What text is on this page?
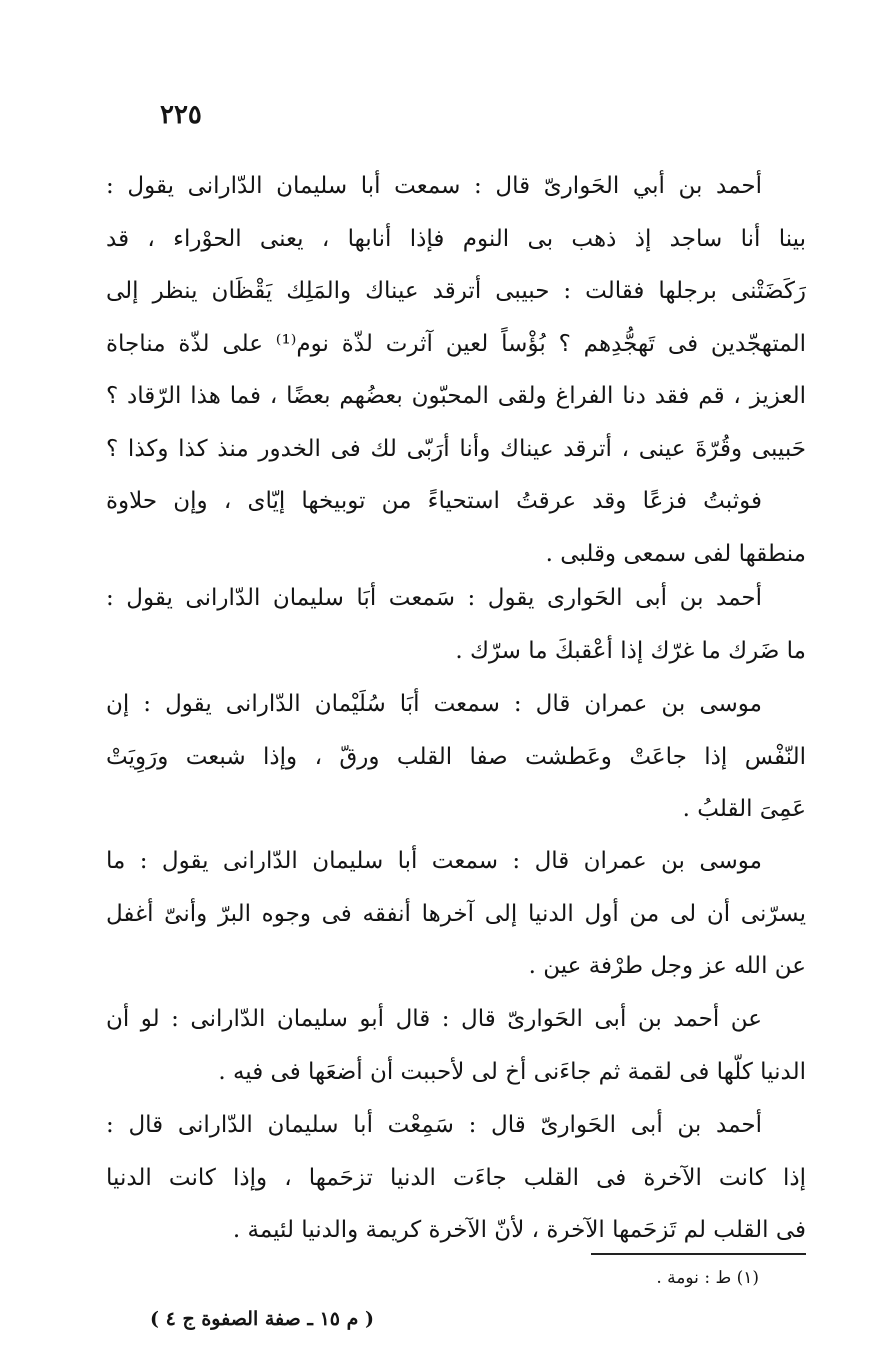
٢٢٥
أحمد بن أبي الحَوارىّ قال : سمعت أبا سليمان الدّارانى يقول :
بينا أنا ساجد إذ ذهب بى النوم فإذا أنابها ، يعنى الحوْراء ، قد
رَكَضَتْنى برجلها فقالت : حبيبى أترقد عيناك والمَلِك يَقْظَان ينظر إلى
المتهجّدين فى تَهجُّدِهم ؟ بُؤْساً لعين آثرت لذّة نوم⁽¹⁾ على لذّة مناجاة
العزيز ، قم فقد دنا الفراغ ولقى المحبّون بعضُهم بعضًا ، فما هذا الرّقاد ؟
حَبيبى وقُرّةَ عينى ، أترقد عيناك وأنا أرَبّى لك فى الخدور منذ كذا وكذا ؟
فوثبتُ فزعًا وقد عرقتُ استحياءً من توبيخها إيّاى ، وإن حلاوة
منطقها لفى سمعى وقلبى .
أحمد بن أبى الحَوارى يقول : سَمعت أبَا سليمان الدّارانى يقول :
ما ضَرك ما غرّك إذا أعْقبكَ ما سرّك .
موسى بن عمران قال : سمعت أبَا سُلَيْمان الدّارانى يقول : إن
النّفْس إذا جاعَتْ وعَطشت صفا القلب ورقّ ، وإذا شبعت ورَوِيَتْ
عَمِىَ القلبُ .
موسى بن عمران قال : سمعت أبا سليمان الدّارانى يقول : ما
يسرّنى أن لى من أول الدنيا إلى آخرها أنفقه فى وجوه البرّ وأنىّ أغفل
عن الله عز وجل طرْفة عين .
عن أحمد بن أبى الحَوارىّ قال : قال أبو سليمان الدّارانى : لو أن
الدنيا كلّها فى لقمة ثم جاءَنى أخ لى لأحببت أن أضعَها فى فيه .
أحمد بن أبى الحَوارىّ قال : سَمِعْت أبا سليمان الدّارانى قال :
إذا كانت الآخرة فى القلب جاءَت الدنيا تزحَمها ، وإذا كانت الدنيا
فى القلب لم تَزحَمها الآخرة ، لأنّ الآخرة كريمة والدنيا لئيمة .
(١) ط : نومة .
( م ١٥ ـ صفة الصفوة ج ٤ )
